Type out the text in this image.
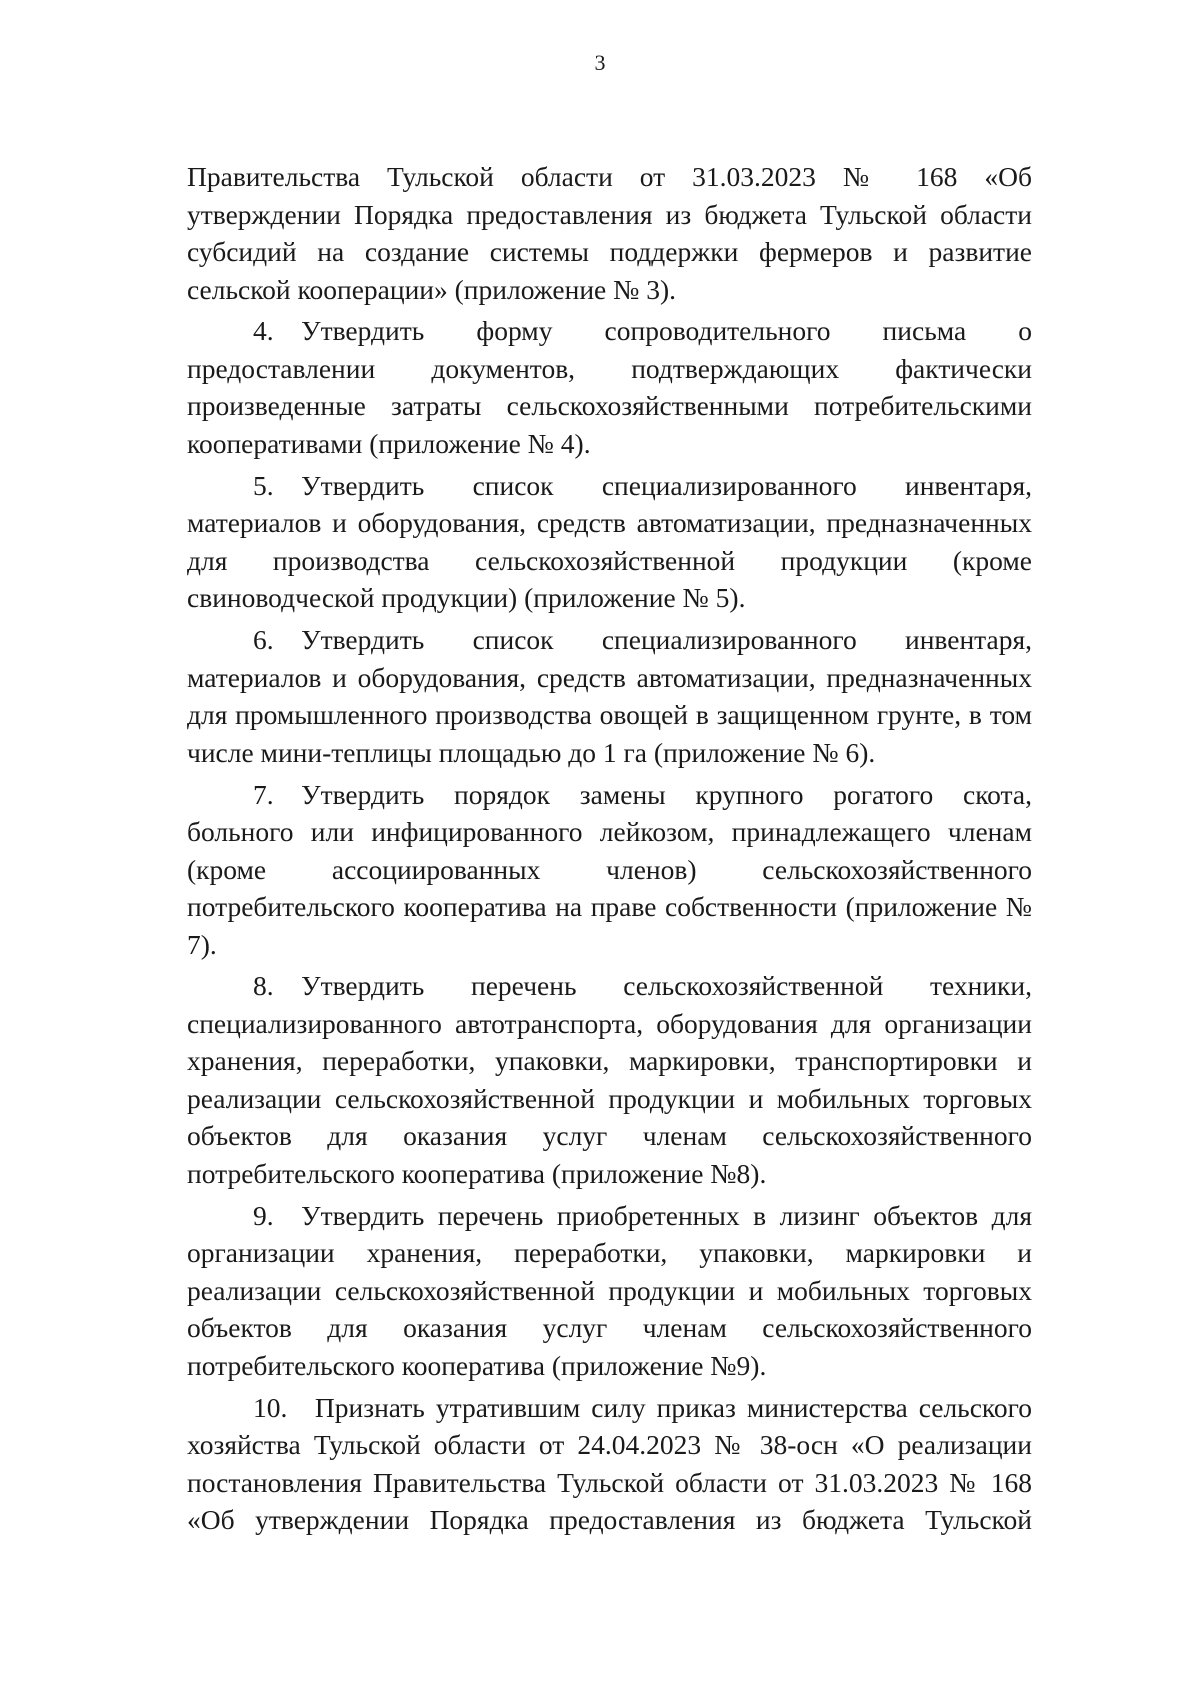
3
Правительства Тульской области от 31.03.2023 № 168 «Об
утверждении Порядка предоставления из бюджета Тульской области
субсидий на создание системы поддержки фермеров и развитие
сельской кооперации» (приложение № 3).
4. Утвердить форму сопроводительного письма о
предоставлении документов, подтверждающих фактически
произведенные затраты сельскохозяйственными потребительскими
кооперативами (приложение № 4).
5. Утвердить список специализированного инвентаря,
материалов и оборудования, средств автоматизации, предназначенных
для производства сельскохозяйственной продукции (кроме
свиноводческой продукции) (приложение № 5).
6. Утвердить список специализированного инвентаря,
материалов и оборудования, средств автоматизации, предназначенных
для промышленного производства овощей в защищенном грунте, в том
числе мини-теплицы площадью до 1 га (приложение № 6).
7. Утвердить порядок замены крупного рогатого скота,
больного или инфицированного лейкозом, принадлежащего членам
(кроме ассоциированных членов) сельскохозяйственного
потребительского кооператива на праве собственности (приложение №
7).
8. Утвердить перечень сельскохозяйственной техники,
специализированного автотранспорта, оборудования для организации
хранения, переработки, упаковки, маркировки, транспортировки и
реализации сельскохозяйственной продукции и мобильных торговых
объектов для оказания услуг членам сельскохозяйственного
потребительского кооператива (приложение №8).
9. Утвердить перечень приобретенных в лизинг объектов для
организации хранения, переработки, упаковки, маркировки и
реализации сельскохозяйственной продукции и мобильных торговых
объектов для оказания услуг членам сельскохозяйственного
потребительского кооператива (приложение №9).
10. Признать утратившим силу приказ министерства сельского
хозяйства Тульской области от 24.04.2023 № 38-осн «О реализации
постановления Правительства Тульской области от 31.03.2023 № 168
«Об утверждении Порядка предоставления из бюджета Тульской
